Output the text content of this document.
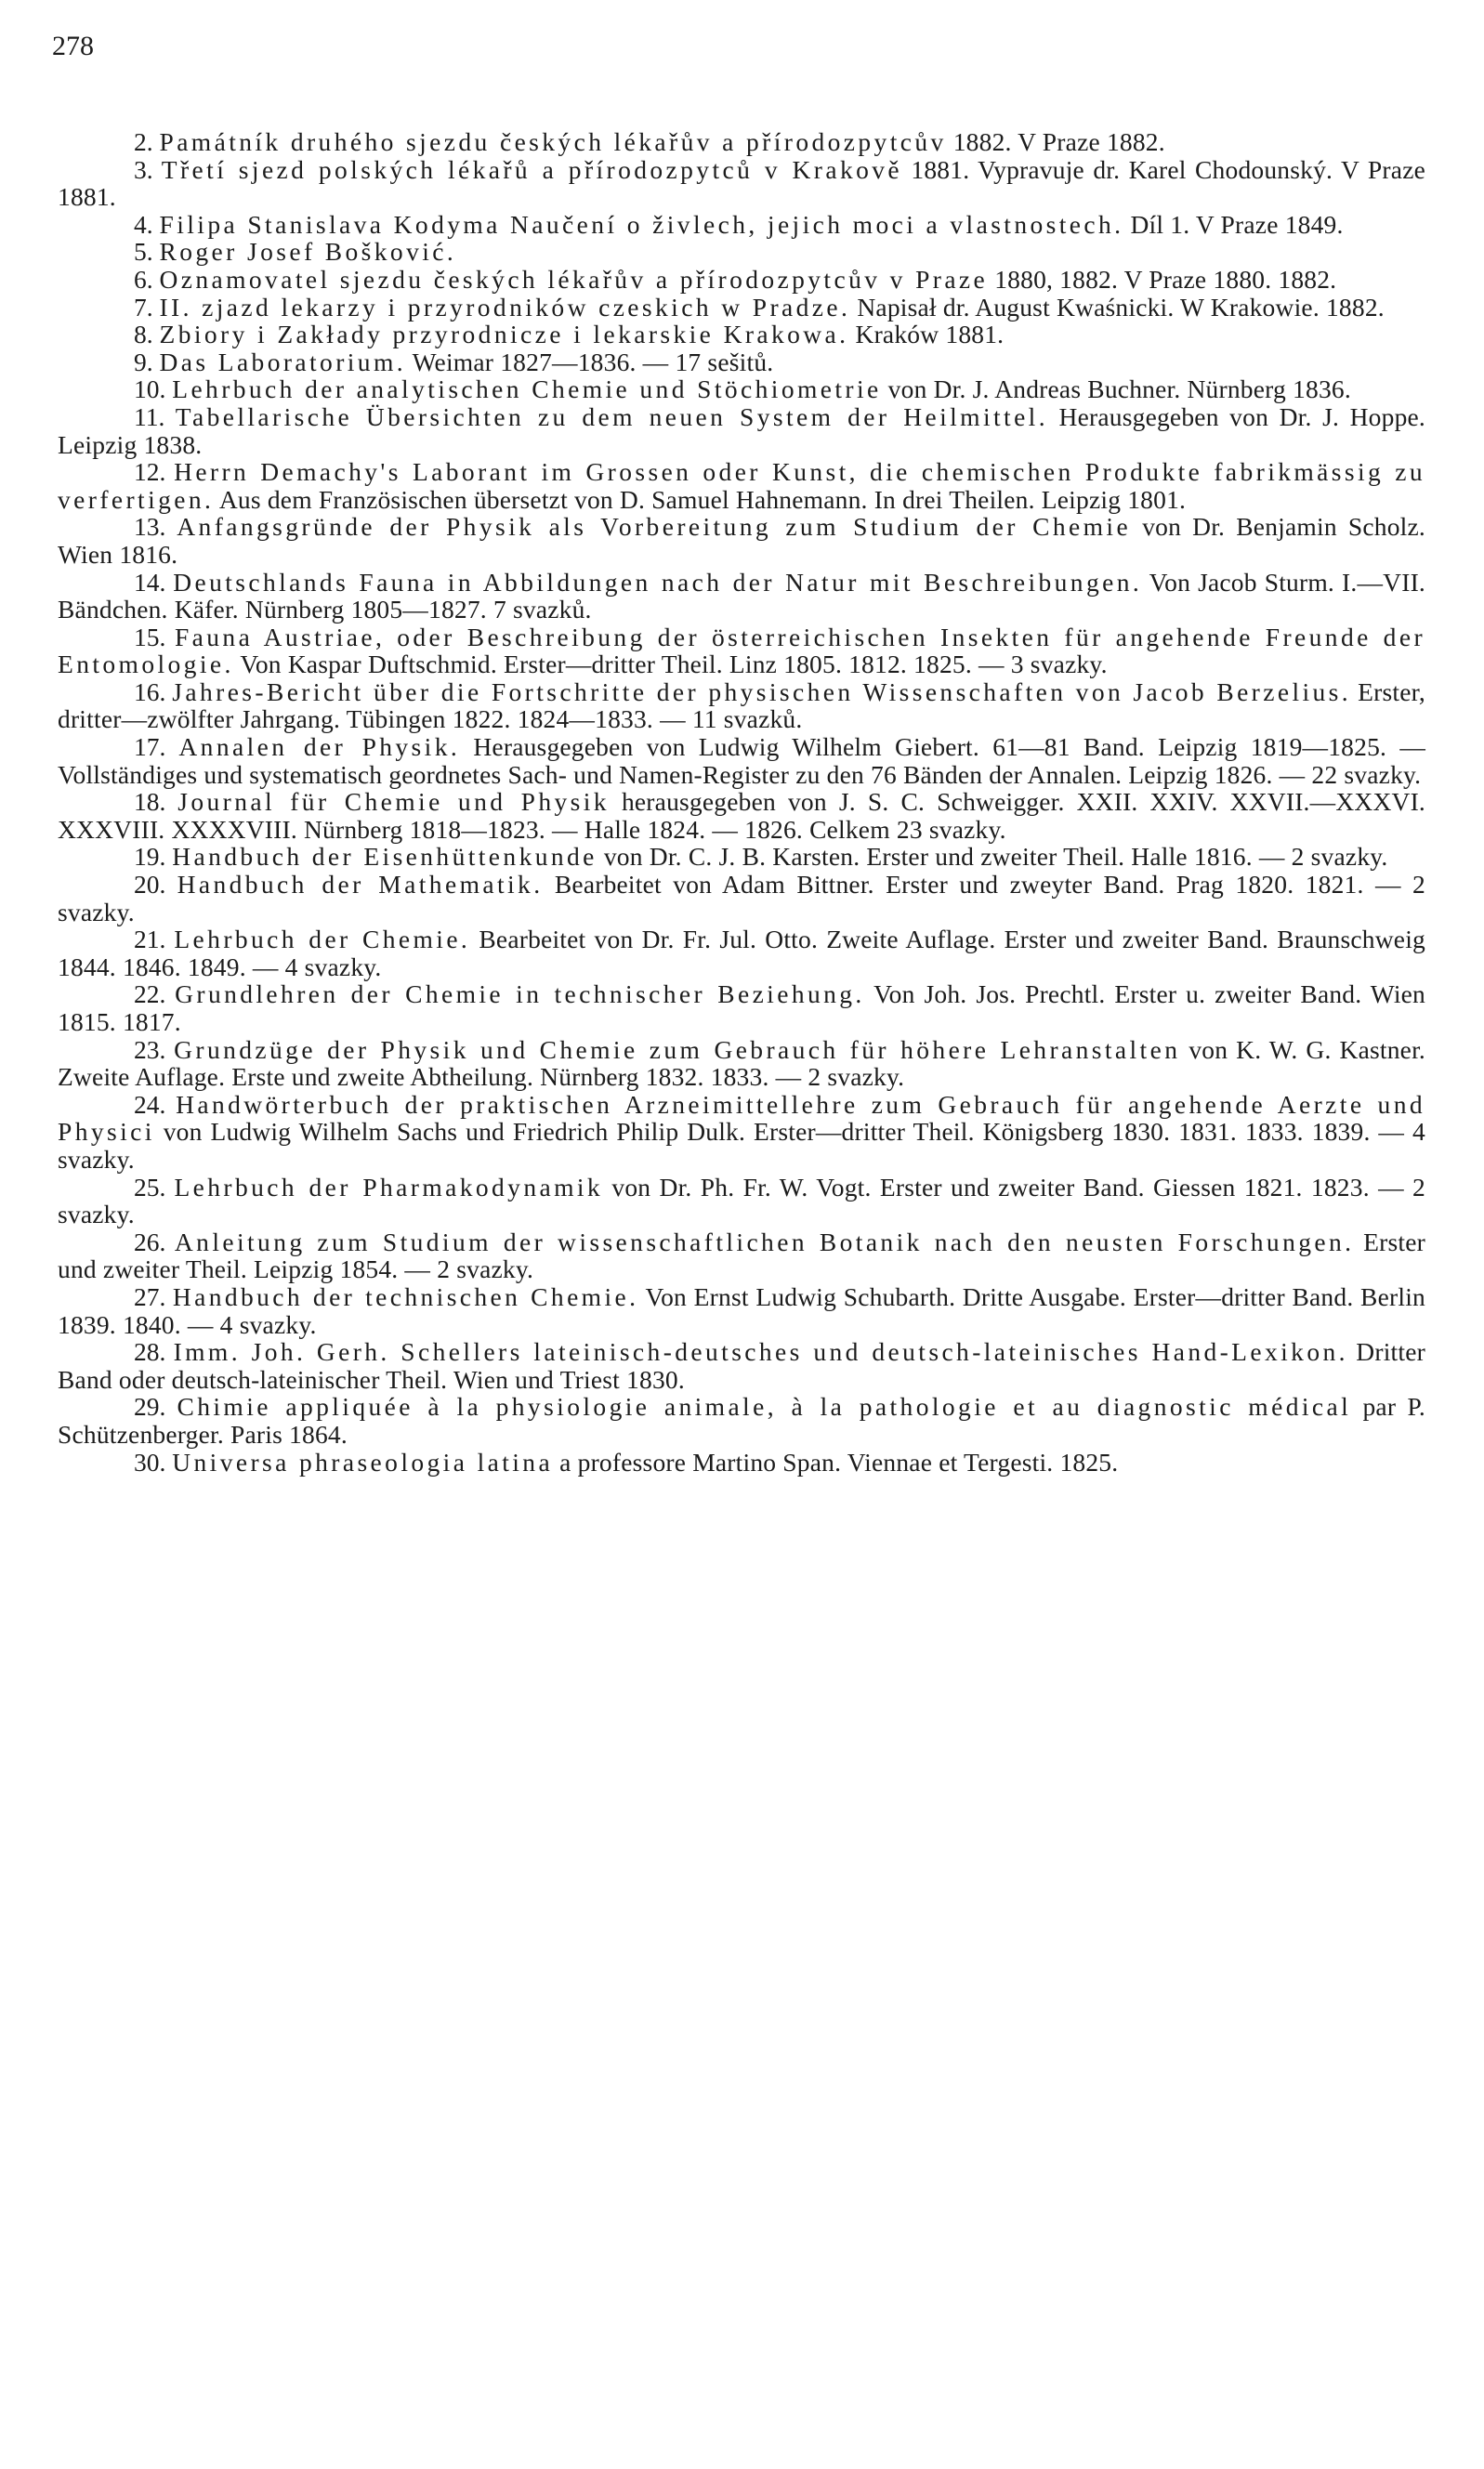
278

2. Památník druhého sjezdu českých lékařův a přírodozpytcův 1882. V Praze 1882.

3. Třetí sjezd polských lékařů a přírodozpytců v Krakově 1881. Vypravuje dr. Karel Chodounský. V Praze 1881.

4. Filipa Stanislava Kodyma Naučení o živlech, jejich moci a vlastnostech. Díl 1. V Praze 1849.

5. Roger Josef Bošković.

6. Oznamovatel sjezdu českých lékařův a přírodozpytcův v Praze 1880, 1882. V Praze 1880. 1882.

7. II. zjazd lekarzy i przyrodników czeskich w Pradze. Napisał dr. August Kwaśnicki. W Krakowie. 1882.

8. Zbiory i Zakłady przyrodnicze i lekarskie Krakowa. Kraków 1881.

9. Das Laboratorium. Weimar 1827—1836. — 17 sešitů.

10. Lehrbuch der analytischen Chemie und Stöchiometrie von Dr. J. Andreas Buchner. Nürnberg 1836.

11. Tabellarische Übersichten zu dem neuen System der Heilmittel. Herausgegeben von Dr. J. Hoppe. Leipzig 1838.

12. Herrn Demachy's Laborant im Grossen oder Kunst, die chemischen Produkte fabrikmässig zu verfertigen. Aus dem Französischen übersetzt von D. Samuel Hahnemann. In drei Theilen. Leipzig 1801.

13. Anfangsgründe der Physik als Vorbereitung zum Studium der Chemie von Dr. Benjamin Scholz. Wien 1816.

14. Deutschlands Fauna in Abbildungen nach der Natur mit Beschreibungen. Von Jacob Sturm. I.—VII. Bändchen. Käfer. Nürnberg 1805—1827. 7 svazků.

15. Fauna Austriae, oder Beschreibung der österreichischen Insekten für angehende Freunde der Entomologie. Von Kaspar Duftschmid. Erster—dritter Theil. Linz 1805. 1812. 1825. — 3 svazky.

16. Jahres-Bericht über die Fortschritte der physischen Wissenschaften von Jacob Berzelius. Erster, dritter—zwölfter Jahrgang. Tübingen 1822. 1824—1833. — 11 svazků.

17. Annalen der Physik. Herausgegeben von Ludwig Wilhelm Giebert. 61—81 Band. Leipzig 1819—1825. — Vollständiges und systematisch geordnetes Sach- und Namen-Register zu den 76 Bänden der Annalen. Leipzig 1826. — 22 svazky.

18. Journal für Chemie und Physik herausgegeben von J. S. C. Schweigger. XXII. XXIV. XXVII.—XXXVI. XXXVIII. XXXXVIII. Nürnberg 1818—1823. — Halle 1824. — 1826. Celkem 23 svazky.

19. Handbuch der Eisenhüttenkunde von Dr. C. J. B. Karsten. Erster und zweiter Theil. Halle 1816. — 2 svazky.

20. Handbuch der Mathematik. Bearbeitet von Adam Bittner. Erster und zweyter Band. Prag 1820. 1821. — 2 svazky.

21. Lehrbuch der Chemie. Bearbeitet von Dr. Fr. Jul. Otto. Zweite Auflage. Erster und zweiter Band. Braunschweig 1844. 1846. 1849. — 4 svazky.

22. Grundlehren der Chemie in technischer Beziehung. Von Joh. Jos. Prechtl. Erster u. zweiter Band. Wien 1815. 1817.

23. Grundzüge der Physik und Chemie zum Gebrauch für höhere Lehranstalten von K. W. G. Kastner. Zweite Auflage. Erste und zweite Abtheilung. Nürnberg 1832. 1833. — 2 svazky.

24. Handwörterbuch der praktischen Arzneimittellehre zum Gebrauch für angehende Aerzte und Physici von Ludwig Wilhelm Sachs und Friedrich Philip Dulk. Erster—dritter Theil. Königsberg 1830. 1831. 1833. 1839. — 4 svazky.

25. Lehrbuch der Pharmakodynamik von Dr. Ph. Fr. W. Vogt. Erster und zweiter Band. Giessen 1821. 1823. — 2 svazky.

26. Anleitung zum Studium der wissenschaftlichen Botanik nach den neusten Forschungen. Erster und zweiter Theil. Leipzig 1854. — 2 svazky.

27. Handbuch der technischen Chemie. Von Ernst Ludwig Schubarth. Dritte Ausgabe. Erster—dritter Band. Berlin 1839. 1840. — 4 svazky.

28. Imm. Joh. Gerh. Schellers lateinisch-deutsches und deutsch-lateinisches Hand-Lexikon. Dritter Band oder deutsch-lateinischer Theil. Wien und Triest 1830.

29. Chimie appliquée à la physiologie animale, à la pathologie et au diagnostic médical par P. Schützenberger. Paris 1864.

30. Universa phraseologia latina a professore Martino Span. Viennae et Tergesti. 1825.
